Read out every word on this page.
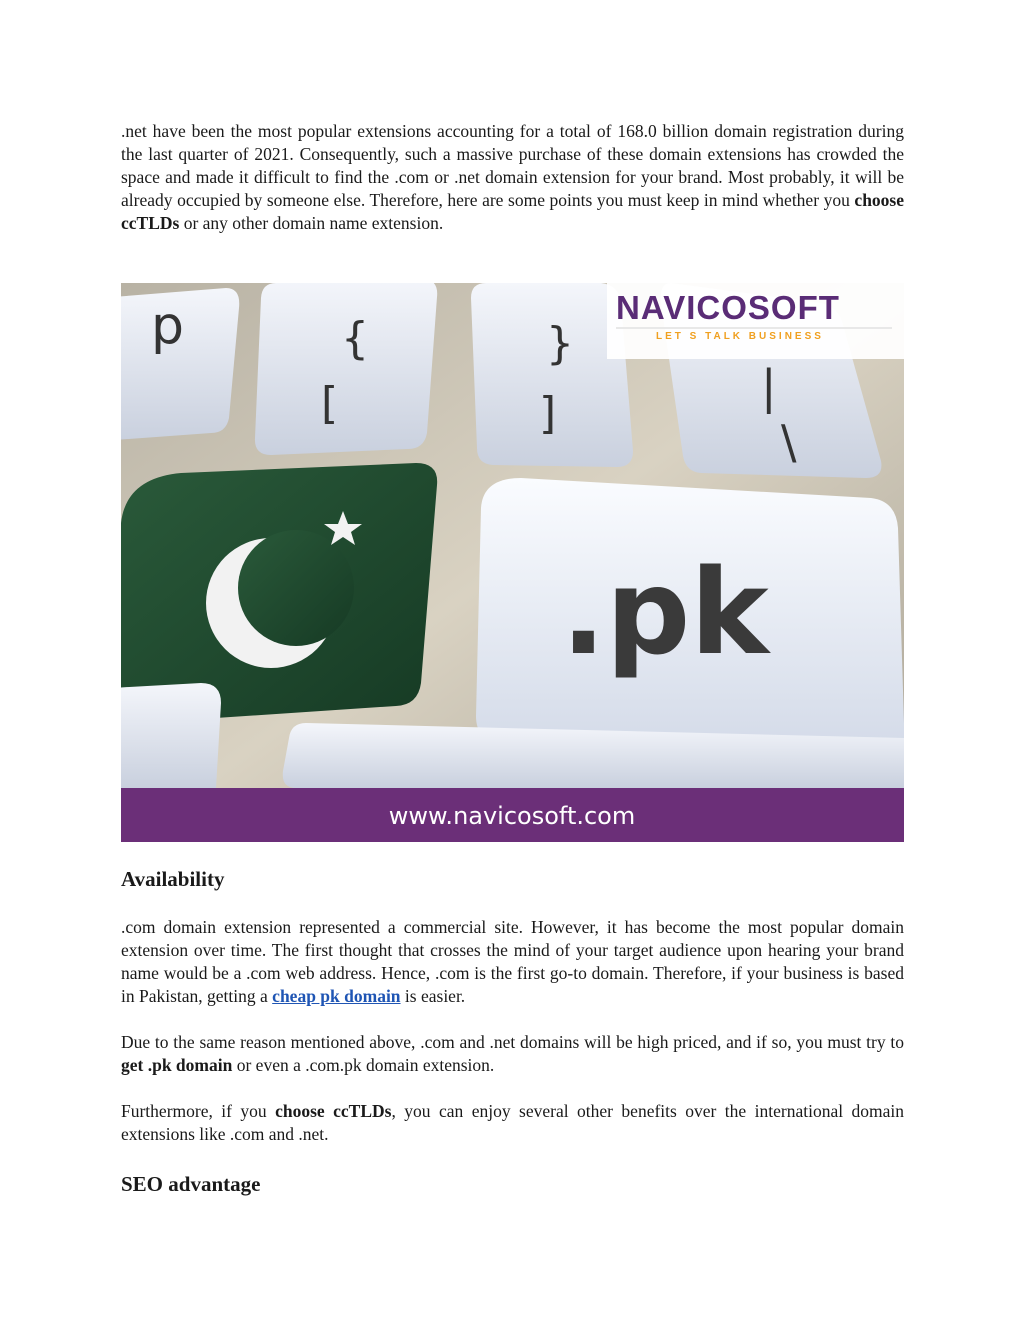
.net have been the most popular extensions accounting for a total of 168.0 billion domain registration during the last quarter of 2021. Consequently, such a massive purchase of these domain extensions has crowded the space and made it difficult to find the .com or .net domain extension for your brand. Most probably, it will be already occupied by someone else. Therefore, here are some points you must keep in mind whether you choose ccTLDs or any other domain name extension.

p	{
[
}
]	|
\
.pk
NAVICOSOFT
LET S TALK BUSINESS
www.navicosoft.com
Availability

.com domain extension represented a commercial site. However, it has become the most popular domain extension over time. The first thought that crosses the mind of your target audience upon hearing your brand name would be a .com web address. Hence, .com is the first go-to domain. Therefore, if your business is based in Pakistan, getting a cheap pk domain is easier.

Due to the same reason mentioned above, .com and .net domains will be high priced, and if so, you must try to get .pk domain or even a .com.pk domain extension.

Furthermore, if you choose ccTLDs, you can enjoy several other benefits over the international domain extensions like .com and .net.

SEO advantage
